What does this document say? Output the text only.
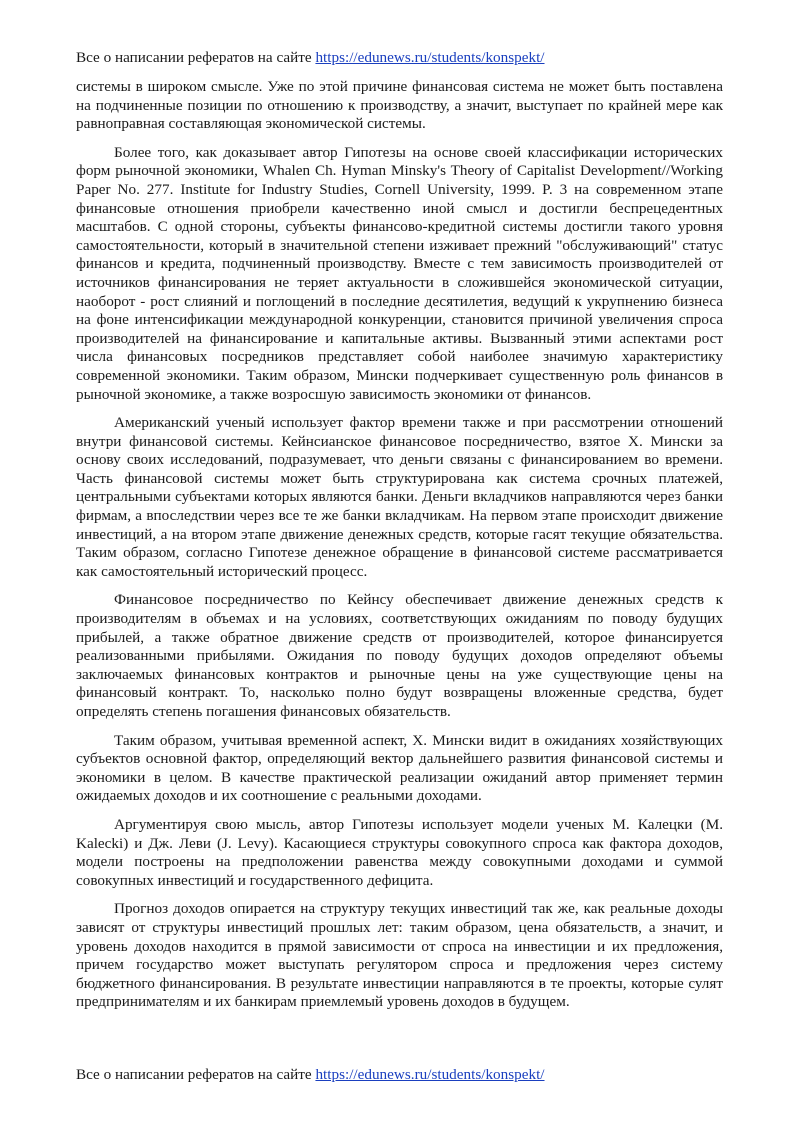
Все о написании рефератов на сайте https://edunews.ru/students/konspekt/

системы в широком смысле. Уже по этой причине финансовая система не может быть поставлена на подчиненные позиции по отношению к производству, а значит, выступает по крайней мере как равноправная составляющая экономической системы.

Более того, как доказывает автор Гипотезы на основе своей классификации исторических форм рыночной экономики, Whalen Ch. Hyman Minsky's Theory of Capitalist Development//Working Paper No. 277. Institute for Industry Studies, Cornell University, 1999. P. 3 на современном этапе финансовые отношения приобрели качественно иной смысл и достигли беспрецедентных масштабов. С одной стороны, субъекты финансово-кредитной системы достигли такого уровня самостоятельности, который в значительной степени изживает прежний "обслуживающий" статус финансов и кредита, подчиненный производству. Вместе с тем зависимость производителей от источников финансирования не теряет актуальности в сложившейся экономической ситуации, наоборот - рост слияний и поглощений в последние десятилетия, ведущий к укрупнению бизнеса на фоне интенсификации международной конкуренции, становится причиной увеличения спроса производителей на финансирование и капитальные активы. Вызванный этими аспектами рост числа финансовых посредников представляет собой наиболее значимую характеристику современной экономики. Таким образом, Мински подчеркивает существенную роль финансов в рыночной экономике, а также возросшую зависимость экономики от финансов.

Американский ученый использует фактор времени также и при рассмотрении отношений внутри финансовой системы. Кейнсианское финансовое посредничество, взятое Х. Мински за основу своих исследований, подразумевает, что деньги связаны с финансированием во времени. Часть финансовой системы может быть структурирована как система срочных платежей, центральными субъектами которых являются банки. Деньги вкладчиков направляются через банки фирмам, а впоследствии через все те же банки вкладчикам. На первом этапе происходит движение инвестиций, а на втором этапе движение денежных средств, которые гасят текущие обязательства. Таким образом, согласно Гипотезе денежное обращение в финансовой системе рассматривается как самостоятельный исторический процесс.

Финансовое посредничество по Кейнсу обеспечивает движение денежных средств к производителям в объемах и на условиях, соответствующих ожиданиям по поводу будущих прибылей, а также обратное движение средств от производителей, которое финансируется реализованными прибылями. Ожидания по поводу будущих доходов определяют объемы заключаемых финансовых контрактов и рыночные цены на уже существующие цены на финансовый контракт. То, насколько полно будут возвращены вложенные средства, будет определять степень погашения финансовых обязательств.

Таким образом, учитывая временной аспект, Х. Мински видит в ожиданиях хозяйствующих субъектов основной фактор, определяющий вектор дальнейшего развития финансовой системы и экономики в целом. В качестве практической реализации ожиданий автор применяет термин ожидаемых доходов и их соотношение с реальными доходами.

Аргументируя свою мысль, автор Гипотезы использует модели ученых М. Калецки (M. Kalecki) и Дж. Леви (J. Levy). Касающиеся структуры совокупного спроса как фактора доходов, модели построены на предположении равенства между совокупными доходами и суммой совокупных инвестиций и государственного дефицита.

Прогноз доходов опирается на структуру текущих инвестиций так же, как реальные доходы зависят от структуры инвестиций прошлых лет: таким образом, цена обязательств, а значит, и уровень доходов находится в прямой зависимости от спроса на инвестиции и их предложения, причем государство может выступать регулятором спроса и предложения через систему бюджетного финансирования. В результате инвестиции направляются в те проекты, которые сулят предпринимателям и их банкирам приемлемый уровень доходов в будущем.

Все о написании рефератов на сайте https://edunews.ru/students/konspekt/
